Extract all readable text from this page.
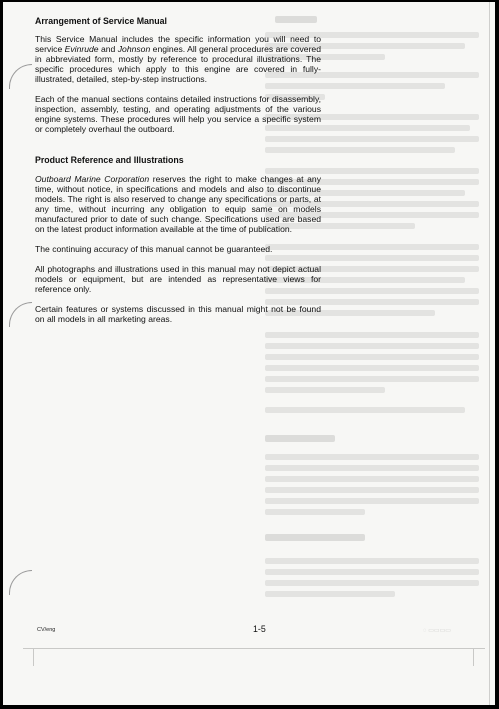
Arrangement of Service Manual

This Service Manual includes the specific information you will need to service Evinrude and Johnson engines. All general procedures are covered in abbreviated form, mostly by reference to procedural illustrations. The specific procedures which apply to this engine are covered in fully-illustrated, detailed, step-by-step instructions.

Each of the manual sections contains detailed instructions for disassembly, inspection, assembly, testing, and operating adjustments of the various engine systems. These procedures will help you service a specific system or completely overhaul the outboard.

Product Reference and Illustrations

Outboard Marine Corporation reserves the right to make changes at any time, without notice, in specifications and models and also to discontinue models. The right is also reserved to change any specifications or parts, at any time, without incurring any obligation to equip same on models manufactured prior to date of such change. Specifications used are based on the latest product information available at the time of publication.

The continuing accuracy of this manual cannot be guaranteed.

All photographs and illustrations used in this manual may not depict actual models or equipment, but are intended as representative views for reference only.

Certain features or systems discussed in this manual might not be found on all models in all marketing areas.

CV/eng	1-5	◌ ▭▭▭▭
